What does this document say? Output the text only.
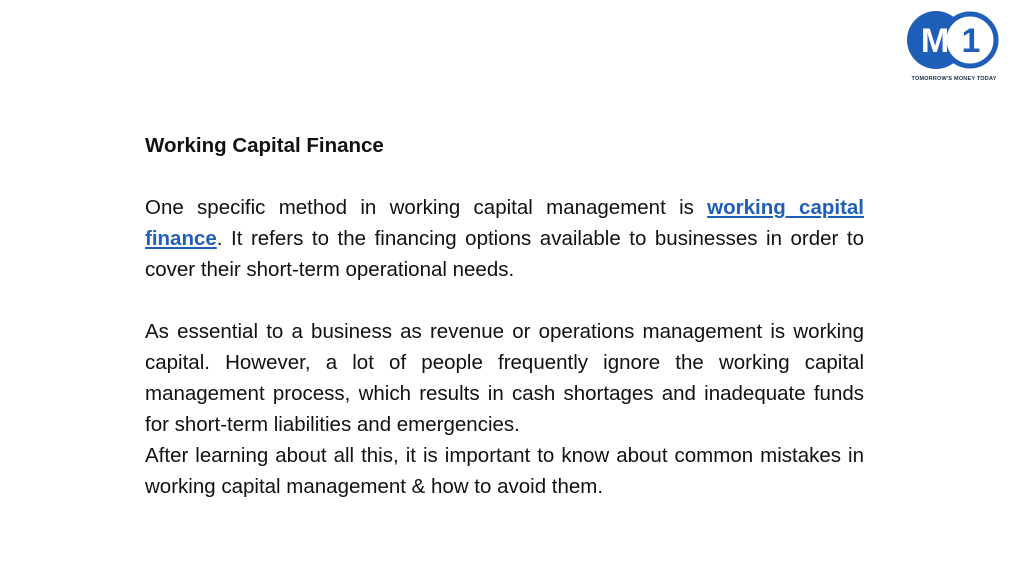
M 1
TOMORROW'S MONEY TODAY

Working Capital Finance

One specific method in working capital management is working capital finance. It refers to the financing options available to businesses in order to cover their short-term operational needs.

As essential to a business as revenue or operations management is working capital. However, a lot of people frequently ignore the working capital management process, which results in cash shortages and inadequate funds for short-term liabilities and emergencies.

After learning about all this, it is important to know about common mistakes in working capital management & how to avoid them.
